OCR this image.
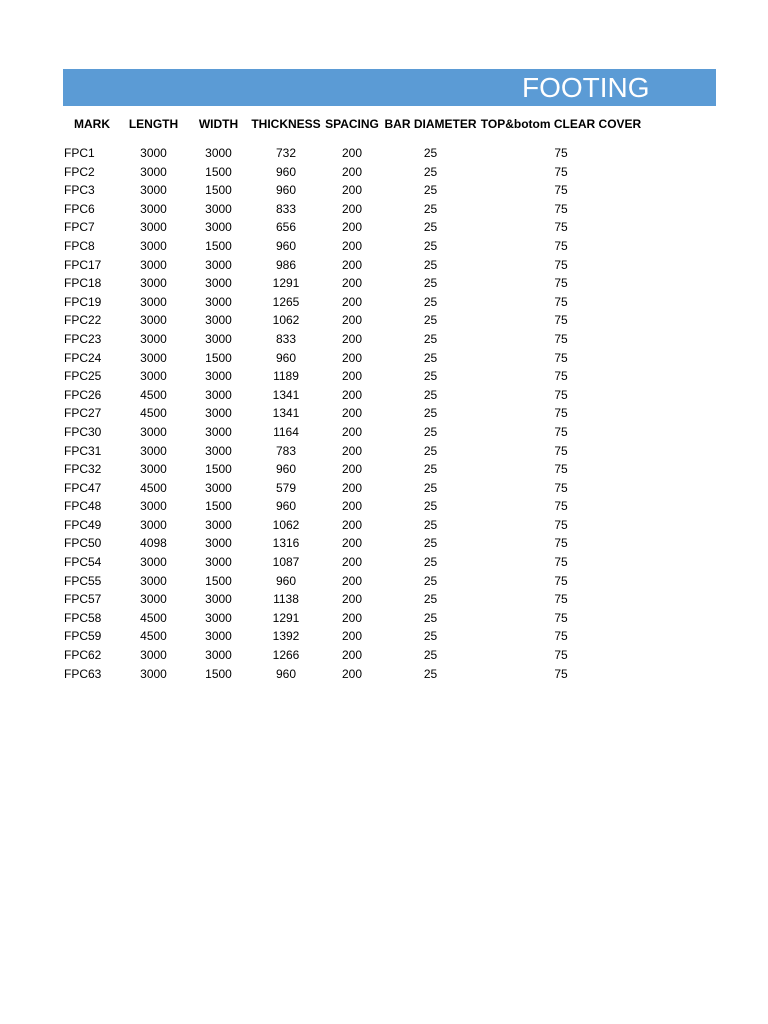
FOOTING
MARK	LENGTH	WIDTH	THICKNESS	SPACING	BAR DIAMETER	TOP&botom CLEAR COVER

FPC1	3000	3000	732	200	25	75
FPC2	3000	1500	960	200	25	75
FPC3	3000	1500	960	200	25	75
FPC6	3000	3000	833	200	25	75
FPC7	3000	3000	656	200	25	75
FPC8	3000	1500	960	200	25	75
FPC17	3000	3000	986	200	25	75
FPC18	3000	3000	1291	200	25	75
FPC19	3000	3000	1265	200	25	75
FPC22	3000	3000	1062	200	25	75
FPC23	3000	3000	833	200	25	75
FPC24	3000	1500	960	200	25	75
FPC25	3000	3000	1189	200	25	75
FPC26	4500	3000	1341	200	25	75
FPC27	4500	3000	1341	200	25	75
FPC30	3000	3000	1164	200	25	75
FPC31	3000	3000	783	200	25	75
FPC32	3000	1500	960	200	25	75
FPC47	4500	3000	579	200	25	75
FPC48	3000	1500	960	200	25	75
FPC49	3000	3000	1062	200	25	75
FPC50	4098	3000	1316	200	25	75
FPC54	3000	3000	1087	200	25	75
FPC55	3000	1500	960	200	25	75
FPC57	3000	3000	1138	200	25	75
FPC58	4500	3000	1291	200	25	75
FPC59	4500	3000	1392	200	25	75
FPC62	3000	3000	1266	200	25	75
FPC63	3000	1500	960	200	25	75
